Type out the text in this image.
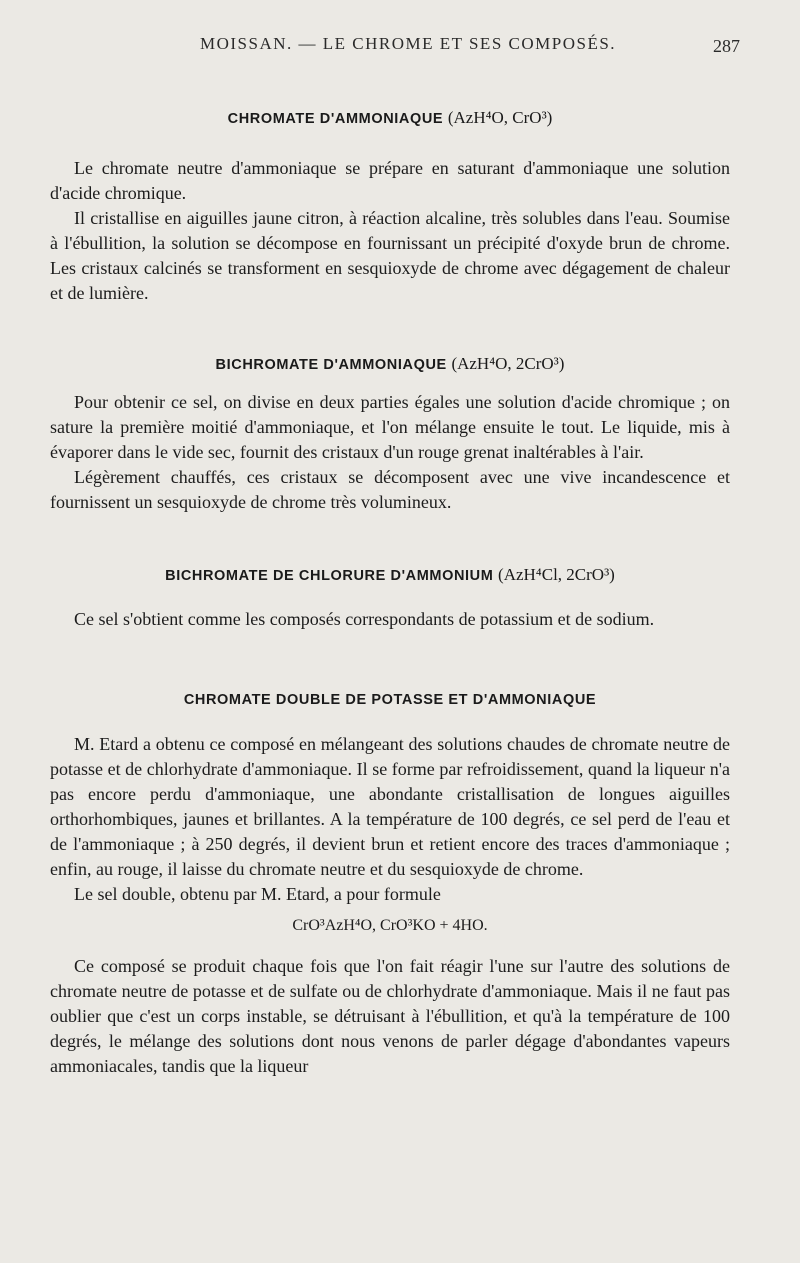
MOISSAN. — LE CHROME ET SES COMPOSÉS.	287
CHROMATE D'AMMONIAQUE (AzH⁴O, CrO³)

Le chromate neutre d'ammoniaque se prépare en saturant d'ammoniaque une solution d'acide chromique.

Il cristallise en aiguilles jaune citron, à réaction alcaline, très solubles dans l'eau. Soumise à l'ébullition, la solution se décompose en fournissant un précipité d'oxyde brun de chrome. Les cristaux calcinés se transforment en sesquioxyde de chrome avec dégagement de chaleur et de lumière.

BICHROMATE D'AMMONIAQUE (AzH⁴O, 2CrO³)

Pour obtenir ce sel, on divise en deux parties égales une solution d'acide chromique ; on sature la première moitié d'ammoniaque, et l'on mélange ensuite le tout. Le liquide, mis à évaporer dans le vide sec, fournit des cristaux d'un rouge grenat inaltérables à l'air.

Légèrement chauffés, ces cristaux se décomposent avec une vive incandescence et fournissent un sesquioxyde de chrome très volumineux.

BICHROMATE DE CHLORURE D'AMMONIUM (AzH⁴Cl, 2CrO³)

Ce sel s'obtient comme les composés correspondants de potassium et de sodium.

CHROMATE DOUBLE DE POTASSE ET D'AMMONIAQUE

M. Etard a obtenu ce composé en mélangeant des solutions chaudes de chromate neutre de potasse et de chlorhydrate d'ammoniaque. Il se forme par refroidissement, quand la liqueur n'a pas encore perdu d'ammoniaque, une abondante cristallisation de longues aiguilles orthorhombiques, jaunes et brillantes. A la température de 100 degrés, ce sel perd de l'eau et de l'ammoniaque ; à 250 degrés, il devient brun et retient encore des traces d'ammoniaque ; enfin, au rouge, il laisse du chromate neutre et du sesquioxyde de chrome.

Le sel double, obtenu par M. Etard, a pour formule

CrO³AzH⁴O, CrO³KO + 4HO.

Ce composé se produit chaque fois que l'on fait réagir l'une sur l'autre des solutions de chromate neutre de potasse et de sulfate ou de chlorhydrate d'ammoniaque. Mais il ne faut pas oublier que c'est un corps instable, se détruisant à l'ébullition, et qu'à la température de 100 degrés, le mélange des solutions dont nous venons de parler dégage d'abondantes vapeurs ammoniacales, tandis que la liqueur
